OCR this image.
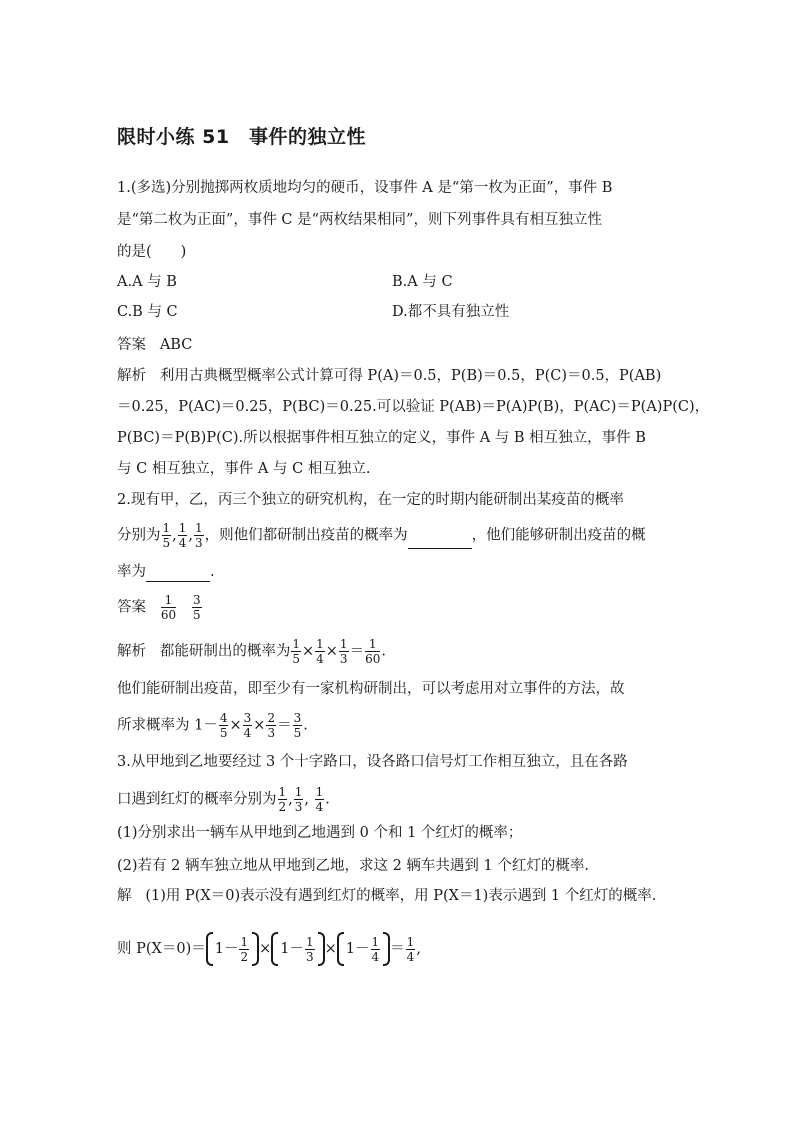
限时小练 51　事件的独立性
1.(多选)分别抛掷两枚质地均匀的硬币，设事件 A 是“第一枚为正面”，事件 B
是“第二枚为正面”，事件 C 是“两枚结果相同”，则下列事件具有相互独立性
的是(　　)
A.A 与 B	B.A 与 C
C.B 与 C	D.都不具有独立性
答案 ABC
解析 利用古典概型概率公式计算可得 P(A)＝0.5，P(B)＝0.5，P(C)＝0.5，P(AB)
＝0.25，P(AC)＝0.25，P(BC)＝0.25.可以验证 P(AB)＝P(A)P(B)，P(AC)＝P(A)P(C)，
P(BC)＝P(B)P(C).所以根据事件相互独立的定义，事件 A 与 B 相互独立，事件 B
与 C 相互独立，事件 A 与 C 相互独立.
2.现有甲，乙，丙三个独立的研究机构，在一定的时期内能研制出某疫苗的概率
分别为 $\frac{1}{5}$ , $\frac{1}{4}$ , $\frac{1}{3}$ ，则他们都研制出疫苗的概率为	，他们能够研制出疫苗的概
率为	.
答案 $\frac{1}{60}$
$\frac{3}{5}$
解析 都能研制出的概率为 $\frac{1}{5} \times \frac{1}{4} \times \frac{1}{3} = \frac{1}{60}$ .
他们能研制出疫苗，即至少有一家机构研制出，可以考虑用对立事件的方法，故
所求概率为 $1- \frac{4}{5} \times \frac{3}{4} \times \frac{2}{3} = \frac{3}{5}$ .
3.从甲地到乙地要经过 3 个十字路口，设各路口信号灯工作相互独立，且在各路
口遇到红灯的概率分别为 $\frac{1}{2}$ , $\frac{1}{3}$ , $\frac{1}{4}$ .
(1)分别求出一辆车从甲地到乙地遇到 0 个和 1 个红灯的概率；
(2)若有 2 辆车独立地从甲地到乙地，求这 2 辆车共遇到 1 个红灯的概率.
解 (1)用 P(X＝0)表示没有遇到红灯的概率，用 P(X＝1)表示遇到 1 个红灯的概率.
则 $P(X=0)= 1- \frac{1}{2} \times 1- \frac{1}{3} \times 1- \frac{1}{4} = \frac{1}{4}$ ,
